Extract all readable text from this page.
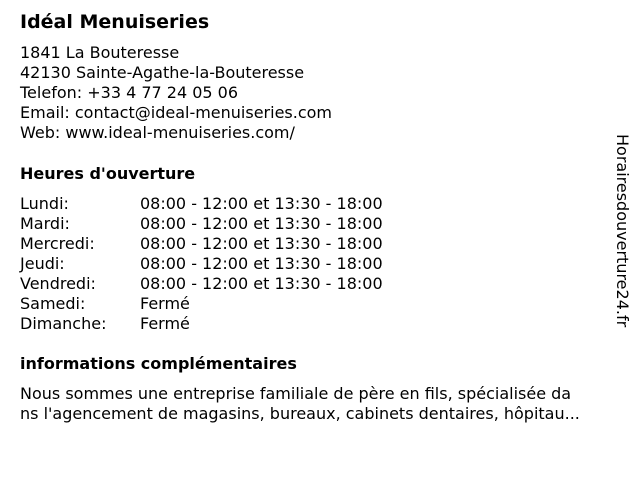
Idéal Menuiseries
1841 La Bouteresse
42130 Sainte-Agathe-la-Bouteresse
Telefon: +33 4 77 24 05 06
Email: contact@ideal-menuiseries.com
Web: www.ideal-menuiseries.com/
Heures d'ouverture
Lundi:	08:00 - 12:00 et 13:30 - 18:00
Mardi:	08:00 - 12:00 et 13:30 - 18:00
Mercredi:	08:00 - 12:00 et 13:30 - 18:00
Jeudi:	08:00 - 12:00 et 13:30 - 18:00
Vendredi:	08:00 - 12:00 et 13:30 - 18:00
Samedi:	Fermé
Dimanche: Fermé
informations complémentaires
Nous sommes une entreprise familiale de père en fils, spécialisée da
ns l'agencement de magasins, bureaux, cabinets dentaires, hôpitau...
Horairesdouverture24.fr
